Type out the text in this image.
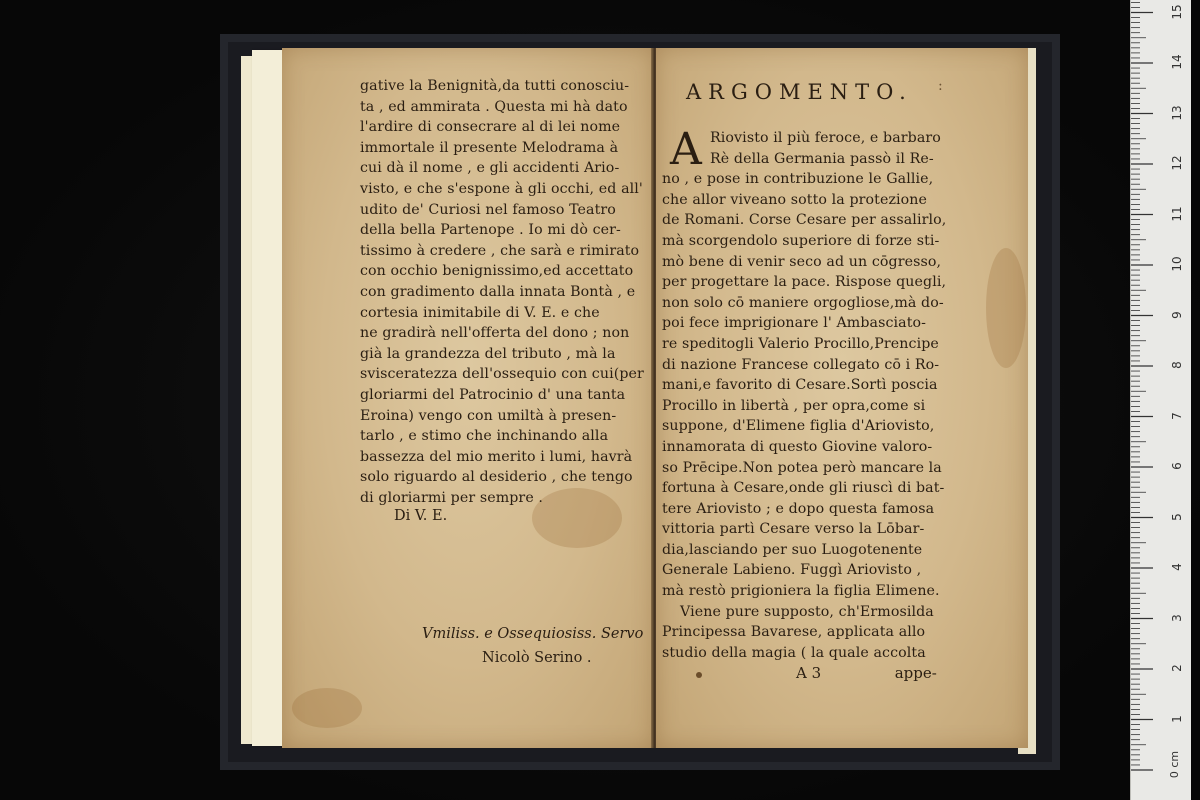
gative la Benignità,da tutti conosciu-
ta , ed ammirata . Questa mi hà dato
l'ardire di consecrare al di lei nome
immortale il presente Melodrama à
cui dà il nome , e gli accidenti Ario-
visto, e che s'espone à gli occhi, ed all'
udito de' Curiosi nel famoso Teatro
della bella Partenope . Io mi dò cer-
tissimo à credere , che sarà e rimirato
con occhio benignissimo,ed accettato
con gradimento dalla innata Bontà , e
cortesia inimitabile di V. E. e che
ne gradirà nell'offerta del dono ; non
già la grandezza del tributo , mà la
svisceratezza dell'ossequio con cui(per
gloriarmi del Patrocinio d' una tanta
Eroina) vengo con umiltà à presen-
tarlo , e stimo che inchinando alla
bassezza del mio merito i lumi, havrà
solo riguardo al desiderio , che tengo
di gloriarmi per sempre .
Di V. E.
Vmiliss. e Ossequiosiss. Servo
Nicolò Serino .
ARGOMENTO. :
A Riovisto il più feroce, e barbaro
Rè della Germania passò il Re-
no , e pose in contribuzione le Gallie,
che allor viveano sotto la protezione
de Romani. Corse Cesare per assalirlo,
mà scorgendolo superiore di forze sti-
mò bene di venir seco ad un cōgresso,
per progettare la pace. Rispose quegli,
non solo cō maniere orgogliose,mà do-
poi fece imprigionare l' Ambasciato-
re speditogli Valerio Procillo,Prencipe
di nazione Francese collegato cō i Ro-
mani,e favorito di Cesare.Sortì poscia
Procillo in libertà , per opra,come si
suppone, d'Elimene figlia d'Ariovisto,
innamorata di questo Giovine valoro-
so Prēcipe.Non potea però mancare la
fortuna à Cesare,onde gli riuscì di bat-
tere Ariovisto ; e dopo questa famosa
vittoria partì Cesare verso la Lōbar-
dia,lasciando per suo Luogotenente
Generale Labieno. Fuggì Ariovisto ,
mà restò prigioniera la figlia Elimene.
Viene pure supposto, ch'Ermosilda
Principessa Bavarese, applicata allo
studio della magia ( la quale accolta
A 3	appe-
0 cm
1
2
3
4
5
6
7
8
9
10
11
12
13
14
15
